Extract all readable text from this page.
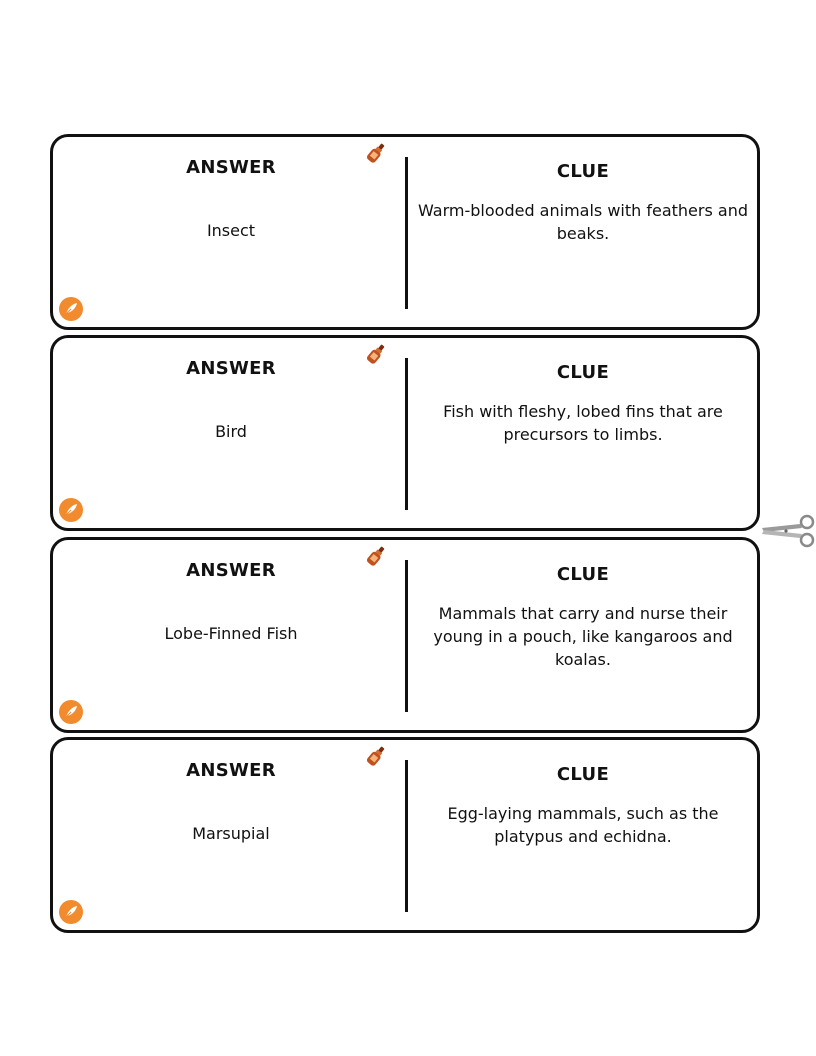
ANSWER
Insect
CLUE
Warm-blooded animals with feathers and beaks.
ANSWER
Bird
CLUE
Fish with fleshy, lobed fins that are precursors to limbs.
ANSWER
Lobe-Finned Fish
CLUE
Mammals that carry and nurse their young in a pouch, like kangaroos and koalas.
ANSWER
Marsupial
CLUE
Egg-laying mammals, such as the platypus and echidna.
